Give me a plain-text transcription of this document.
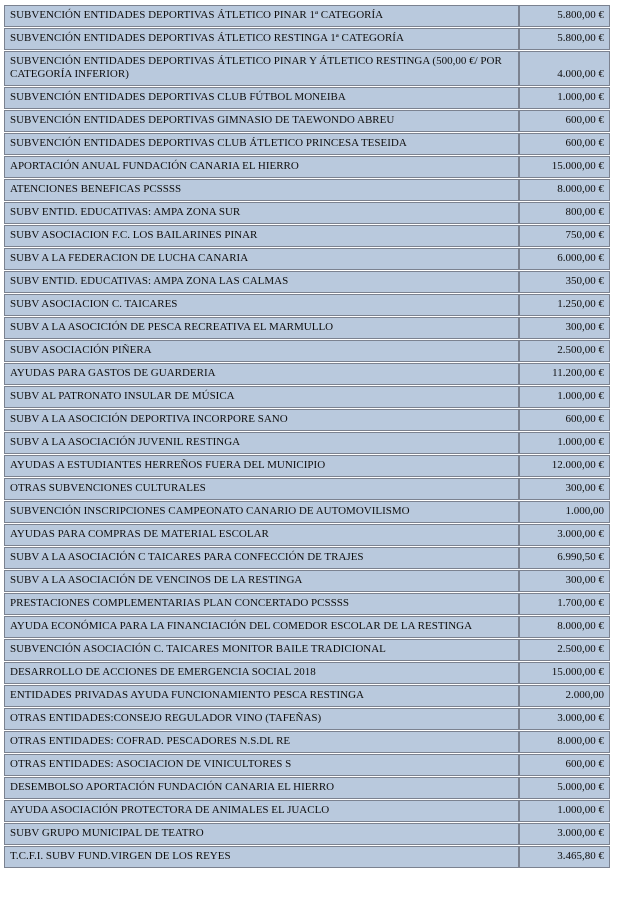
SUBVENCIÓN ENTIDADES DEPORTIVAS ÁTLETICO PINAR 1ª CATEGORÍA	5.800,00 €
SUBVENCIÓN ENTIDADES DEPORTIVAS ÁTLETICO RESTINGA 1ª CATEGORÍA	5.800,00 €
SUBVENCIÓN ENTIDADES DEPORTIVAS ÁTLETICO PINAR Y ÁTLETICO RESTINGA (500,00 €/ POR CATEGORÍA INFERIOR)	4.000,00 €
SUBVENCIÓN ENTIDADES DEPORTIVAS CLUB FÚTBOL MONEIBA	1.000,00 €
SUBVENCIÓN ENTIDADES DEPORTIVAS GIMNASIO DE TAEWONDO ABREU	600,00 €
SUBVENCIÓN ENTIDADES DEPORTIVAS CLUB ÁTLETICO PRINCESA TESEIDA	600,00 €
APORTACIÓN ANUAL FUNDACIÓN CANARIA EL HIERRO	15.000,00 €
ATENCIONES BENEFICAS PCSSSS	8.000,00 €
SUBV ENTID. EDUCATIVAS: AMPA ZONA SUR	800,00 €
SUBV ASOCIACION F.C. LOS BAILARINES PINAR	750,00 €
SUBV A LA FEDERACION DE LUCHA CANARIA	6.000,00 €
SUBV ENTID. EDUCATIVAS: AMPA ZONA LAS CALMAS	350,00 €
SUBV ASOCIACION C. TAICARES	1.250,00 €
SUBV A LA ASOCICIÓN DE PESCA RECREATIVA EL MARMULLO	300,00 €
SUBV ASOCIACIÓN PIÑERA	2.500,00 €
AYUDAS PARA GASTOS DE GUARDERIA	11.200,00 €
SUBV AL PATRONATO INSULAR DE MÚSICA	1.000,00 €
SUBV A LA ASOCICIÓN DEPORTIVA INCORPORE SANO	600,00 €
SUBV A LA ASOCIACIÓN JUVENIL RESTINGA	1.000,00 €
AYUDAS A ESTUDIANTES HERREÑOS FUERA DEL MUNICIPIO	12.000,00 €
OTRAS SUBVENCIONES CULTURALES	300,00 €
SUBVENCIÓN INSCRIPCIONES CAMPEONATO CANARIO DE AUTOMOVILISMO	1.000,00
AYUDAS PARA COMPRAS DE MATERIAL ESCOLAR	3.000,00 €
SUBV A LA ASOCIACIÓN C TAICARES PARA CONFECCIÓN DE TRAJES	6.990,50 €
SUBV A LA ASOCIACIÓN DE VENCINOS DE LA RESTINGA	300,00 €
PRESTACIONES COMPLEMENTARIAS PLAN CONCERTADO PCSSSS	1.700,00 €
AYUDA ECONÓMICA PARA LA FINANCIACIÓN DEL COMEDOR ESCOLAR DE LA RESTINGA	8.000,00 €
SUBVENCIÓN ASOCIACIÓN C. TAICARES MONITOR BAILE TRADICIONAL	2.500,00 €
DESARROLLO DE ACCIONES DE EMERGENCIA SOCIAL 2018	15.000,00 €
ENTIDADES PRIVADAS AYUDA FUNCIONAMIENTO PESCA RESTINGA	2.000,00
OTRAS ENTIDADES:CONSEJO REGULADOR VINO (TAFEÑAS)	3.000,00 €
OTRAS ENTIDADES: COFRAD. PESCADORES N.S.DL RE	8.000,00 €
OTRAS ENTIDADES: ASOCIACION DE VINICULTORES S	600,00 €
DESEMBOLSO APORTACIÓN FUNDACIÓN CANARIA EL HIERRO	5.000,00 €
AYUDA ASOCIACIÓN PROTECTORA DE ANIMALES EL JUACLO	1.000,00 €
SUBV GRUPO MUNICIPAL DE TEATRO	3.000,00 €
T.C.F.I. SUBV FUND.VIRGEN DE LOS REYES	3.465,80 €
